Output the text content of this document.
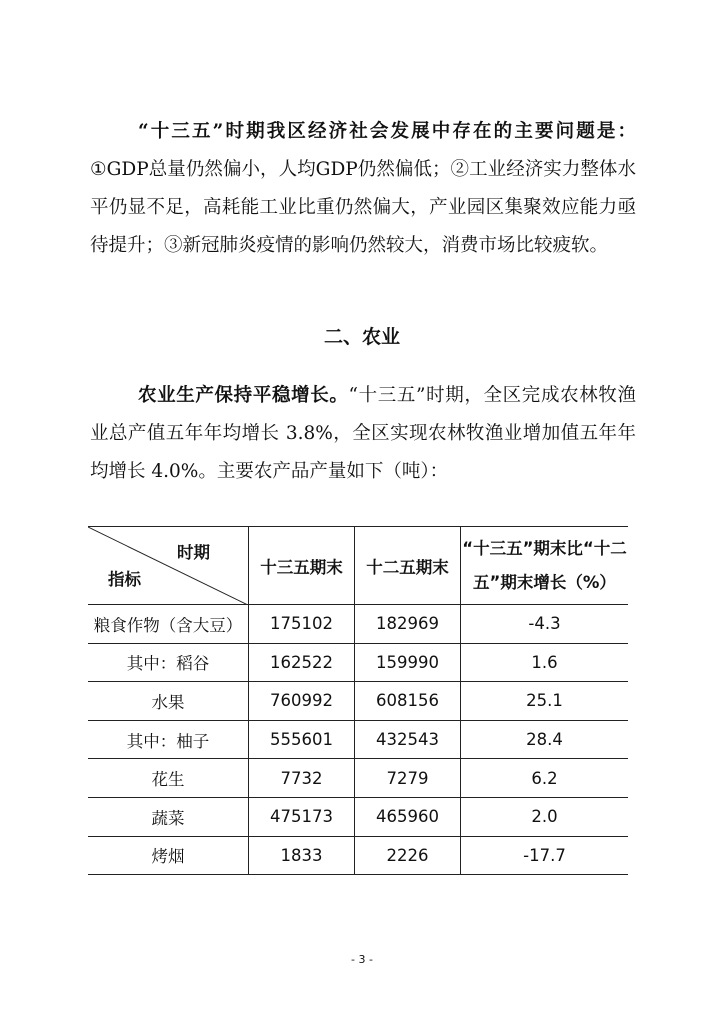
“十三五”时期我区经济社会发展中存在的主要问题是：①GDP总量仍然偏小，人均GDP仍然偏低；②工业经济实力整体水平仍显不足，高耗能工业比重仍然偏大，产业园区集聚效应能力亟待提升；③新冠肺炎疫情的影响仍然较大，消费市场比较疲软。

二、农业

农业生产保持平稳增长。“十三五”时期，全区完成农林牧渔业总产值五年年均增长 3.8%，全区实现农林牧渔业增加值五年年均增长 4.0%。主要农产品产量如下（吨）：

时期
指标	十三五期末	十二五期末	“十三五”期末比“十二五”期末增长（%）
粮食作物（含大豆）	175102	182969	-4.3
其中：稻谷	162522	159990	1.6
水果	760992	608156	25.1
其中：柚子	555601	432543	28.4
花生	7732	7279	6.2
蔬菜	475173	465960	2.0
烤烟	1833	2226	-17.7
- 3 -
